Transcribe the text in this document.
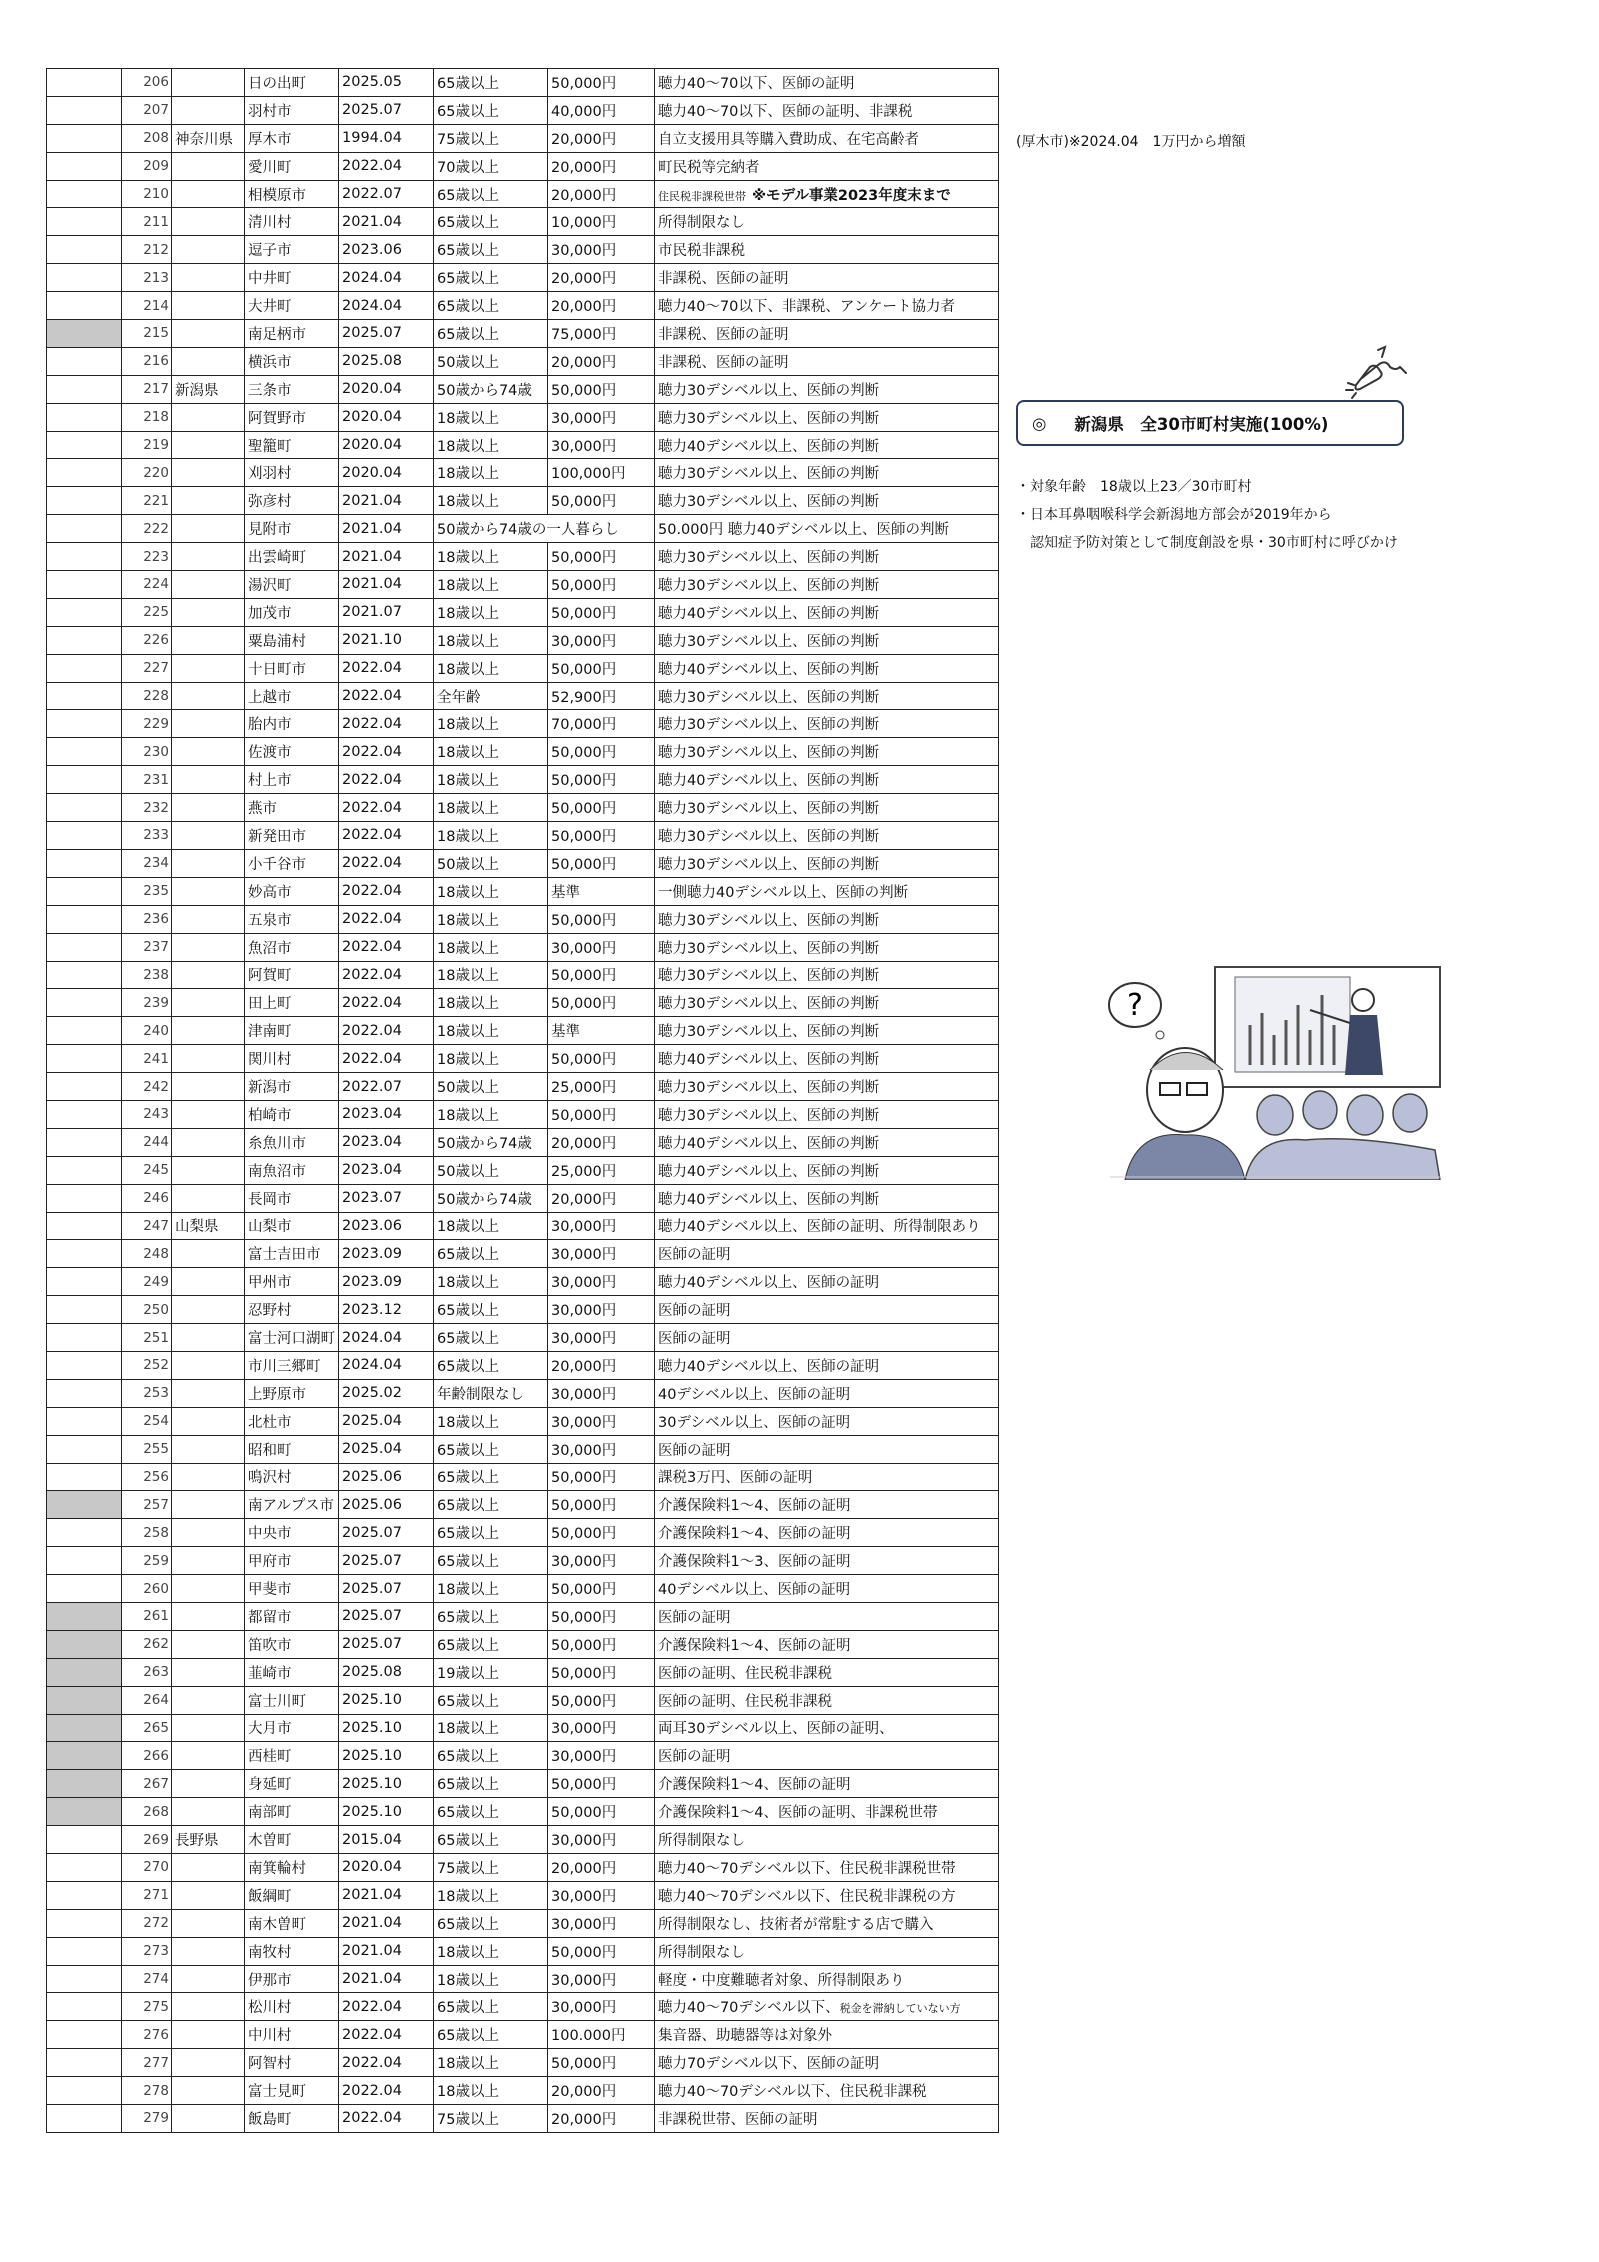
	206		日の出町	2025.05	65歳以上	50,000円	聴力40～70以下、医師の証明
	207		羽村市	2025.07	65歳以上	40,000円	聴力40～70以下、医師の証明、非課税
	208	神奈川県	厚木市	1994.04	75歳以上	20,000円	自立支援用具等購入費助成、在宅高齢者
	209		愛川町	2022.04	70歳以上	20,000円	町民税等完納者
	210		相模原市	2022.07	65歳以上	20,000円	住民税非課税世帯 ※モデル事業2023年度末まで
	211		清川村	2021.04	65歳以上	10,000円	所得制限なし
	212		逗子市	2023.06	65歳以上	30,000円	市民税非課税
	213		中井町	2024.04	65歳以上	20,000円	非課税、医師の証明
	214		大井町	2024.04	65歳以上	20,000円	聴力40～70以下、非課税、アンケート協力者
	215		南足柄市	2025.07	65歳以上	75,000円	非課税、医師の証明
	216		横浜市	2025.08	50歳以上	20,000円	非課税、医師の証明
	217	新潟県	三条市	2020.04	50歳から74歳	50,000円	聴力30デシベル以上、医師の判断
	218		阿賀野市	2020.04	18歳以上	30,000円	聴力30デシベル以上、医師の判断
	219		聖籠町	2020.04	18歳以上	30,000円	聴力40デシベル以上、医師の判断
	220		刈羽村	2020.04	18歳以上	100,000円	聴力30デシベル以上、医師の判断
	221		弥彦村	2021.04	18歳以上	50,000円	聴力30デシベル以上、医師の判断
	222		見附市	2021.04	50歳から74歳の一人暮らし		50.000円 聴力40デシベル以上、医師の判断
	223		出雲崎町	2021.04	18歳以上	50,000円	聴力30デシベル以上、医師の判断
	224		湯沢町	2021.04	18歳以上	50,000円	聴力30デシベル以上、医師の判断
	225		加茂市	2021.07	18歳以上	50,000円	聴力40デシベル以上、医師の判断
	226		粟島浦村	2021.10	18歳以上	30,000円	聴力30デシベル以上、医師の判断
	227		十日町市	2022.04	18歳以上	50,000円	聴力40デシベル以上、医師の判断
	228		上越市	2022.04	全年齢	52,900円	聴力30デシベル以上、医師の判断
	229		胎内市	2022.04	18歳以上	70,000円	聴力30デシベル以上、医師の判断
	230		佐渡市	2022.04	18歳以上	50,000円	聴力30デシベル以上、医師の判断
	231		村上市	2022.04	18歳以上	50,000円	聴力40デシベル以上、医師の判断
	232		燕市	2022.04	18歳以上	50,000円	聴力30デシベル以上、医師の判断
	233		新発田市	2022.04	18歳以上	50,000円	聴力30デシベル以上、医師の判断
	234		小千谷市	2022.04	50歳以上	50,000円	聴力30デシベル以上、医師の判断
	235		妙高市	2022.04	18歳以上	基準	一側聴力40デシベル以上、医師の判断
	236		五泉市	2022.04	18歳以上	50,000円	聴力30デシベル以上、医師の判断
	237		魚沼市	2022.04	18歳以上	30,000円	聴力30デシベル以上、医師の判断
	238		阿賀町	2022.04	18歳以上	50,000円	聴力30デシベル以上、医師の判断
	239		田上町	2022.04	18歳以上	50,000円	聴力30デシベル以上、医師の判断
	240		津南町	2022.04	18歳以上	基準	聴力30デシベル以上、医師の判断
	241		関川村	2022.04	18歳以上	50,000円	聴力40デシベル以上、医師の判断
	242		新潟市	2022.07	50歳以上	25,000円	聴力30デシベル以上、医師の判断
	243		柏崎市	2023.04	18歳以上	50,000円	聴力30デシベル以上、医師の判断
	244		糸魚川市	2023.04	50歳から74歳	20,000円	聴力40デシベル以上、医師の判断
	245		南魚沼市	2023.04	50歳以上	25,000円	聴力40デシベル以上、医師の判断
	246		長岡市	2023.07	50歳から74歳	20,000円	聴力40デシベル以上、医師の判断
	247	山梨県	山梨市	2023.06	18歳以上	30,000円	聴力40デシベル以上、医師の証明、所得制限あり
	248		富士吉田市	2023.09	65歳以上	30,000円	医師の証明
	249		甲州市	2023.09	18歳以上	30,000円	聴力40デシベル以上、医師の証明
	250		忍野村	2023.12	65歳以上	30,000円	医師の証明
	251		富士河口湖町	2024.04	65歳以上	30,000円	医師の証明
	252		市川三郷町	2024.04	65歳以上	20,000円	聴力40デシベル以上、医師の証明
	253		上野原市	2025.02	年齢制限なし	30,000円	40デシベル以上、医師の証明
	254		北杜市	2025.04	18歳以上	30,000円	30デシベル以上、医師の証明
	255		昭和町	2025.04	65歳以上	30,000円	医師の証明
	256		鳴沢村	2025.06	65歳以上	50,000円	課税3万円、医師の証明
	257		南アルプス市	2025.06	65歳以上	50,000円	介護保険料1～4、医師の証明
	258		中央市	2025.07	65歳以上	50,000円	介護保険料1～4、医師の証明
	259		甲府市	2025.07	65歳以上	30,000円	介護保険料1～3、医師の証明
	260		甲斐市	2025.07	18歳以上	50,000円	40デシベル以上、医師の証明
	261		都留市	2025.07	65歳以上	50,000円	医師の証明
	262		笛吹市	2025.07	65歳以上	50,000円	介護保険料1～4、医師の証明
	263		韮崎市	2025.08	19歳以上	50,000円	医師の証明、住民税非課税
	264		富士川町	2025.10	65歳以上	50,000円	医師の証明、住民税非課税
	265		大月市	2025.10	18歳以上	30,000円	両耳30デシベル以上、医師の証明、
	266		西桂町	2025.10	65歳以上	30,000円	医師の証明
	267		身延町	2025.10	65歳以上	50,000円	介護保険料1～4、医師の証明
	268		南部町	2025.10	65歳以上	50,000円	介護保険料1～4、医師の証明、非課税世帯
	269	長野県	木曽町	2015.04	65歳以上	30,000円	所得制限なし
	270		南箕輪村	2020.04	75歳以上	20,000円	聴力40～70デシベル以下、住民税非課税世帯
	271		飯綱町	2021.04	18歳以上	30,000円	聴力40～70デシベル以下、住民税非課税の方
	272		南木曽町	2021.04	65歳以上	30,000円	所得制限なし、技術者が常駐する店で購入
	273		南牧村	2021.04	18歳以上	50,000円	所得制限なし
	274		伊那市	2021.04	18歳以上	30,000円	軽度・中度難聴者対象、所得制限あり
	275		松川村	2022.04	65歳以上	30,000円	聴力40～70デシベル以下、税金を滞納していない方
	276		中川村	2022.04	65歳以上	100.000円	集音器、助聴器等は対象外
	277		阿智村	2022.04	18歳以上	50,000円	聴力70デシベル以下、医師の証明
	278		富士見町	2022.04	18歳以上	20,000円	聴力40～70デシベル以下、住民税非課税
	279		飯島町	2022.04	75歳以上	20,000円	非課税世帯、医師の証明
(厚木市)※2024.04　1万円から増額
◎ 新潟県　全30市町村実施(100%)
・対象年齢　18歳以上23／30市町村
・日本耳鼻咽喉科学会新潟地方部会が2019年から
　認知症予防対策として制度創設を県・30市町村に呼びかけ
?
